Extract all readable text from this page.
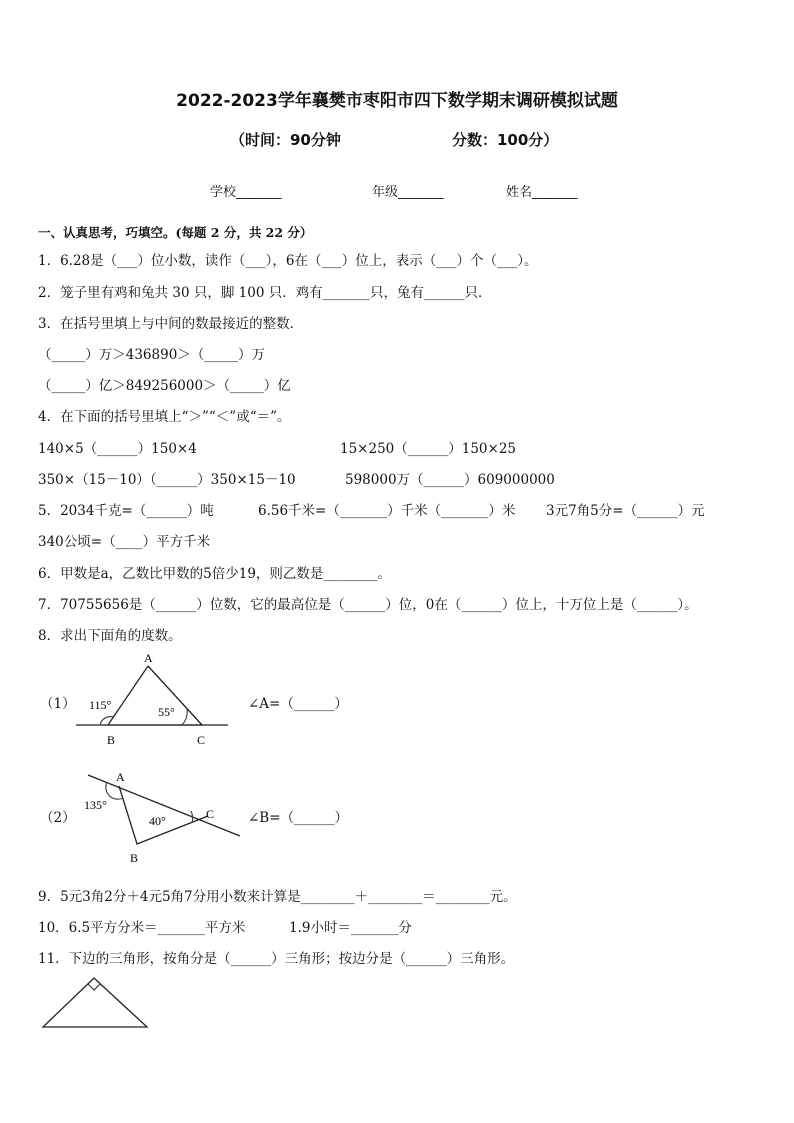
2022-2023学年襄樊市枣阳市四下数学期末调研模拟试题
（时间：90分钟	分数：100分）
学校_______	年级_______	姓名_______
一、认真思考，巧填空。(每题 2 分，共 22 分）
1．6.28是（___）位小数，读作（___），6在（___）位上，表示（___）个（___）。
2．笼子里有鸡和兔共 30 只，脚 100 只．鸡有_______只，兔有______只．
3．在括号里填上与中间的数最接近的整数．
（_____）万＞436890＞（_____）万
（_____）亿＞849256000＞（_____）亿
4．在下面的括号里填上“＞”“＜”或“＝”。
140×5（______）150×4	15×250（______）150×25
350×（15－10）（______）350×15－10	598000万（______）609000000
5．2034千克=（______）吨	6.56千米=（_______）千米（_______）米 3元7角5分=（______）元
340公顷=（____）平方千米
6．甲数是a，乙数比甲数的5倍少19，则乙数是________。
7．70755656是（______）位数，它的最高位是（______）位，0在（______）位上，十万位上是（______）。
8．求出下面角的度数。
（1）
A
B	C
115°	55°	∠A=（______）
（2）
A
B
C
135°
40°	∠B=（______）
9．5元3角2分＋4元5角7分用小数来计算是________＋________＝________元。
10．6.5平方分米＝_______平方米	1.9小时＝_______分
11．下边的三角形，按角分是（______）三角形；按边分是（______）三角形。
